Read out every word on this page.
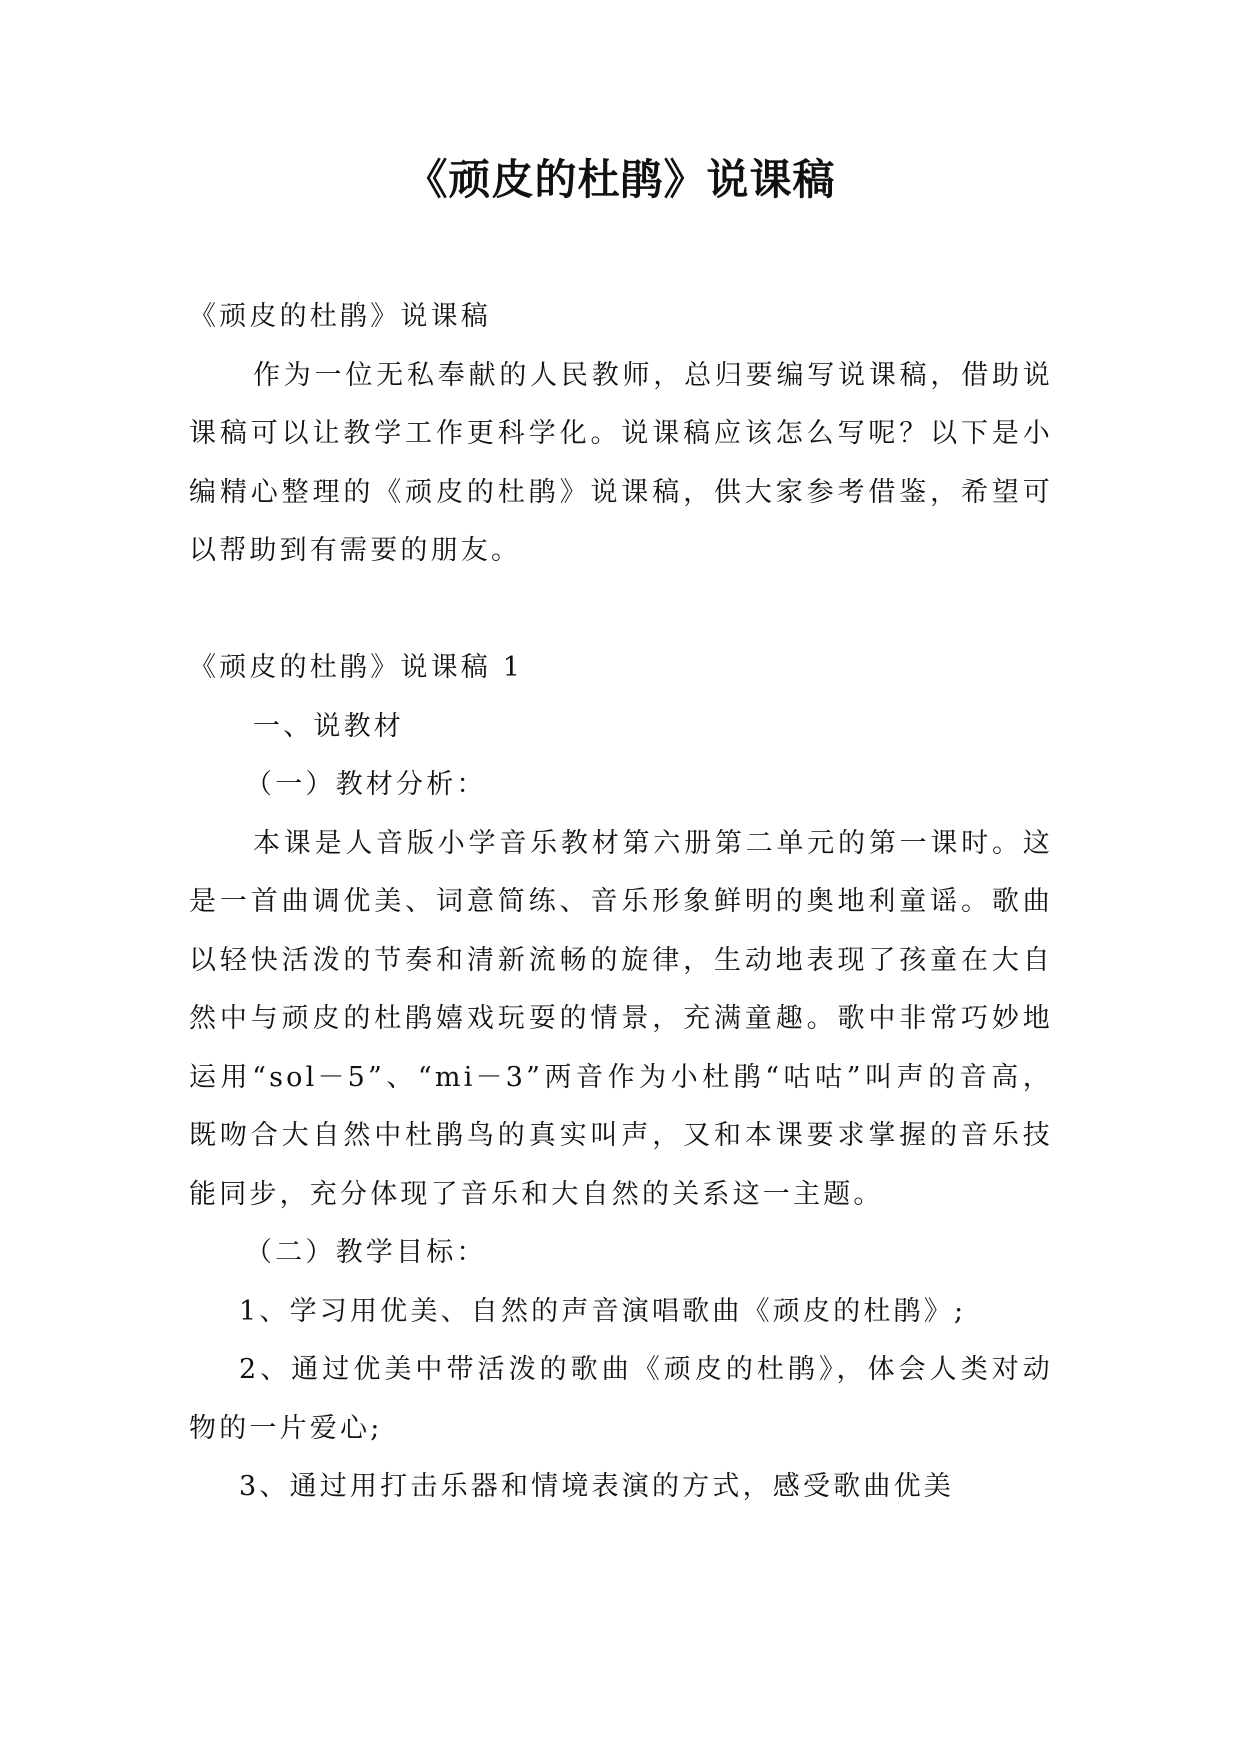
《顽皮的杜鹃》说课稿

《顽皮的杜鹃》说课稿

作为一位无私奉献的人民教师，总归要编写说课稿，借助说课稿可以让教学工作更科学化。说课稿应该怎么写呢？以下是小编精心整理的《顽皮的杜鹃》说课稿，供大家参考借鉴，希望可以帮助到有需要的朋友。

《顽皮的杜鹃》说课稿 1

一、说教材

（一）教材分析：

本课是人音版小学音乐教材第六册第二单元的第一课时。这是一首曲调优美、词意简练、音乐形象鲜明的奥地利童谣。歌曲以轻快活泼的节奏和清新流畅的旋律，生动地表现了孩童在大自然中与顽皮的杜鹃嬉戏玩耍的情景，充满童趣。歌中非常巧妙地运用“sol－5”、“mi－3”两音作为小杜鹃“咕咕”叫声的音高，既吻合大自然中杜鹃鸟的真实叫声，又和本课要求掌握的音乐技能同步，充分体现了音乐和大自然的关系这一主题。

（二）教学目标：

1、学习用优美、自然的声音演唱歌曲《顽皮的杜鹃》;

2、通过优美中带活泼的歌曲《顽皮的杜鹃》，体会人类对动物的一片爱心;

3、通过用打击乐器和情境表演的方式，感受歌曲优美
